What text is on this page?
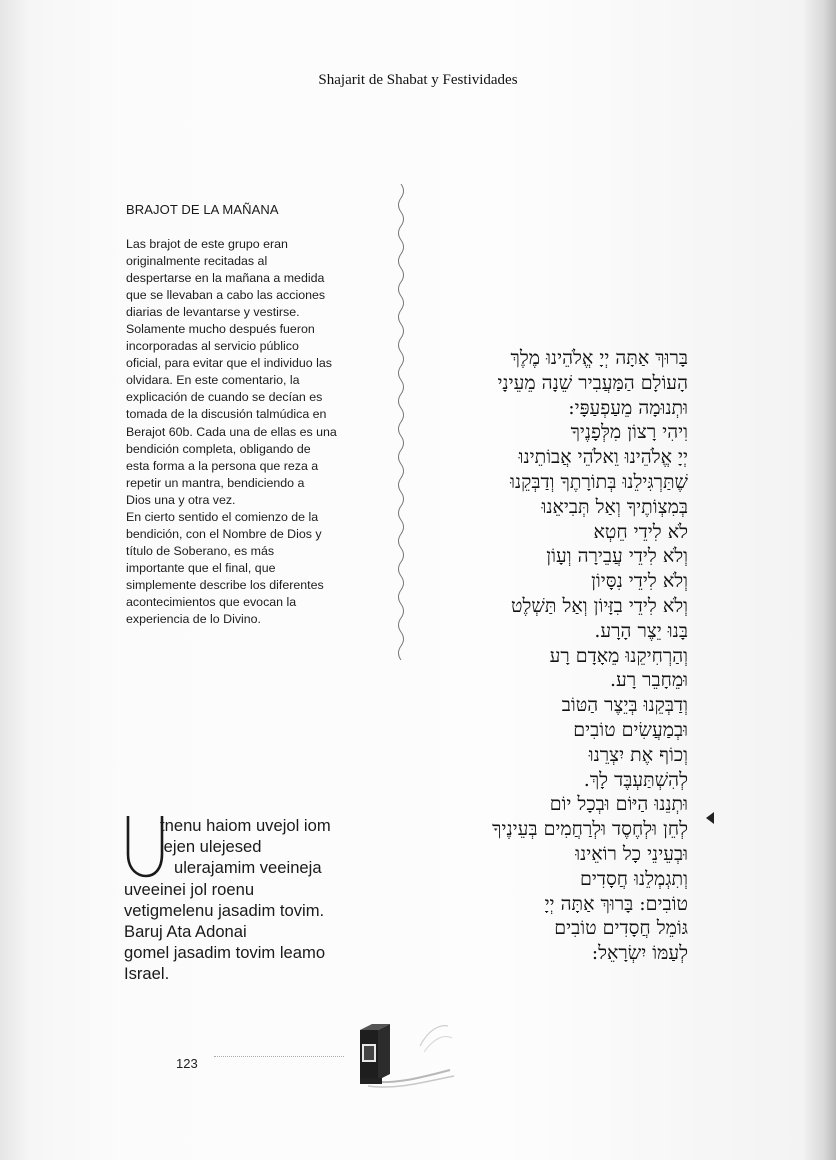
Shajarit de Shabat y Festividades
BRAJOT DE LA MAÑANA

Las brajot de este grupo eran
originalmente recitadas al
despertarse en la mañana a medida
que se llevaban a cabo las acciones
diarias de levantarse y vestirse.
Solamente mucho después fueron
incorporadas al servicio público
oficial, para evitar que el individuo las
olvidara. En este comentario, la
explicación de cuando se decían es
tomada de la discusión talmúdica en
Berajot 60b. Cada una de ellas es una
bendición completa, obligando de
esta forma a la persona que reza a
repetir un mantra, bendiciendo a
Dios una y otra vez.

En cierto sentido el comienzo de la
bendición, con el Nombre de Dios y
título de Soberano, es más
importante que el final, que
simplemente describe los diferentes
acontecimientos que evocan la
experiencia de lo Divino.

בָּרוּךְ אַתָּה יְיָ אֱלֹהֵינוּ מֶלֶךְ
הָעוֹלָם הַמַּעֲבִיר שֵׁנָה מֵעֵינָי
וּתְנוּמָה מֵעַפְעַפָּי:
וִיהִי רָצוֹן מִלְּפָנֶיךָ
יְיָ אֱלֹהֵינוּ וֵאלֹהֵי אֲבוֹתֵינוּ
שֶׁתַּרְגִּילֵנוּ בְּתוֹרָתֶךָ וְדַבְּקֵנוּ
בְּמִצְוֹתֶיךָ וְאַל תְּבִיאֵנוּ
לֹא לִידֵי חֵטְא
וְלֹא לִידֵי עֲבֵירָה וְעָוֹן
וְלֹא לִידֵי נִסָּיוֹן
וְלֹא לִידֵי בִזָּיוֹן וְאַל תַּשְׁלֶט
בָּנוּ יֵצֶר הָרָע.
וְהַרְחִיקֵנוּ מֵאָדָם רָע
וּמֵחָבֵר רָע.
וְדַבְּקֵנוּ בְּיֵצֶר הַטּוֹב
וּבְמַעֲשִׂים טוֹבִים
וְכוֹף אֶת יִצְרֵנוּ
לְהִשְׁתַּעְבֶּד לָךְ.
וּתְנֵנוּ הַיּוֹם וּבְכָל יוֹם
לְחֵן וּלְחֶסֶד וּלְרַחֲמִים בְּעֵינֶיךָ
וּבְעֵינֵי כָל רוֹאֵינוּ
וְתִגְמְלֵנוּ חֲסָדִים
טוֹבִים: בָּרוּךְ אַתָּה יְיָ
גּוֹמֵל חֲסָדִים טוֹבִים
לְעַמּוֹ יִשְׂרָאֵל:
U
tnenu haiom uvejol iom
lejen ulejesed
ulerajamim veeineja
uveeinei jol roenu
vetigmelenu jasadim tovim.
Baruj Ata Adonai
gomel jasadim tovim leamo
Israel.
123
